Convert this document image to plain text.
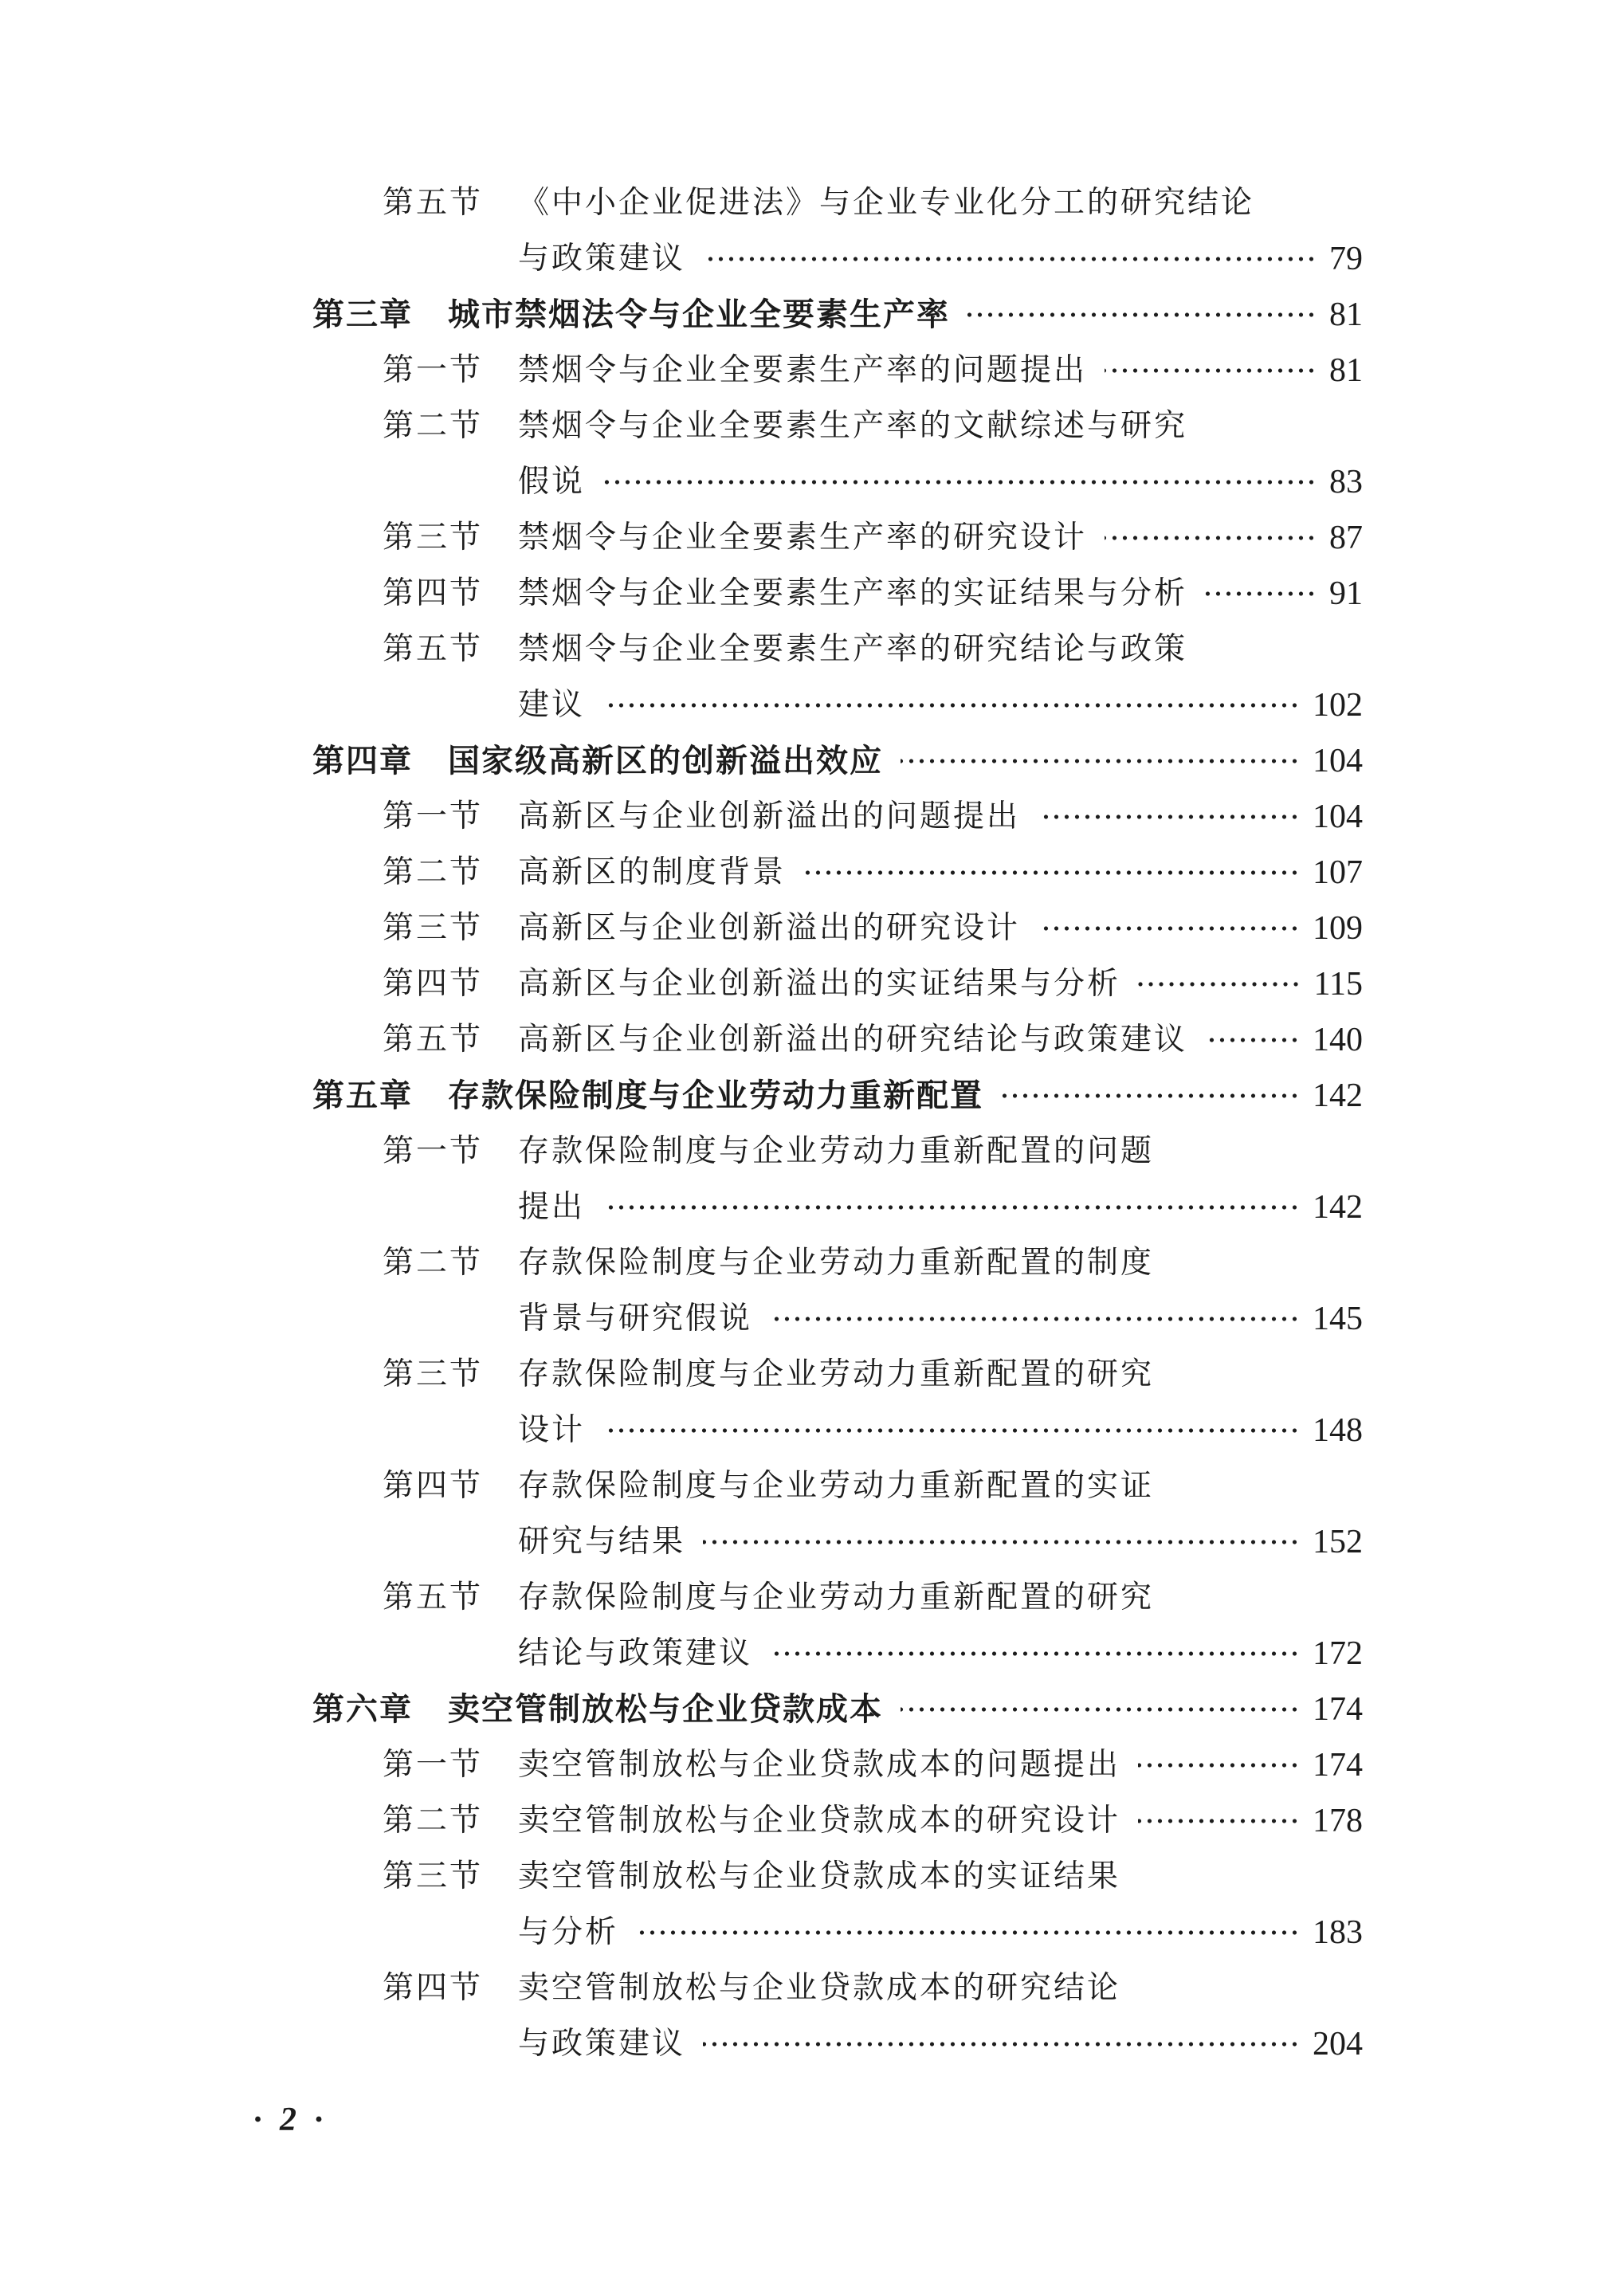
第五节	《中小企业促进法》与企业专业化分工的研究结论
与政策建议	79
第三章	城市禁烟法令与企业全要素生产率	81
第一节	禁烟令与企业全要素生产率的问题提出	81
第二节	禁烟令与企业全要素生产率的文献综述与研究
假说	83
第三节	禁烟令与企业全要素生产率的研究设计	87
第四节	禁烟令与企业全要素生产率的实证结果与分析	91
第五节	禁烟令与企业全要素生产率的研究结论与政策
建议	102
第四章	国家级高新区的创新溢出效应	104
第一节	高新区与企业创新溢出的问题提出	104
第二节	高新区的制度背景	107
第三节	高新区与企业创新溢出的研究设计	109
第四节	高新区与企业创新溢出的实证结果与分析	115
第五节	高新区与企业创新溢出的研究结论与政策建议	140
第五章	存款保险制度与企业劳动力重新配置	142
第一节	存款保险制度与企业劳动力重新配置的问题
提出	142
第二节	存款保险制度与企业劳动力重新配置的制度
背景与研究假说	145
第三节	存款保险制度与企业劳动力重新配置的研究
设计	148
第四节	存款保险制度与企业劳动力重新配置的实证
研究与结果	152
第五节	存款保险制度与企业劳动力重新配置的研究
结论与政策建议	172
第六章	卖空管制放松与企业贷款成本	174
第一节	卖空管制放松与企业贷款成本的问题提出	174
第二节	卖空管制放松与企业贷款成本的研究设计	178
第三节	卖空管制放松与企业贷款成本的实证结果
与分析	183
第四节	卖空管制放松与企业贷款成本的研究结论
与政策建议	204
· 2 ·
